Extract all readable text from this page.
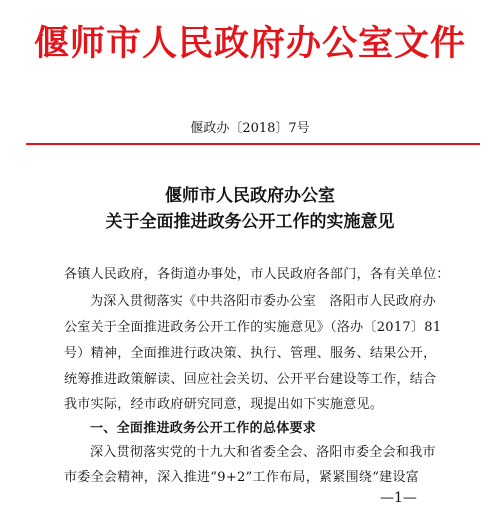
偃师市人民政府办公室文件
偃政办〔2018〕7号
偃师市人民政府办公室
关于全面推进政务公开工作的实施意见
各镇人民政府，各街道办事处，市人民政府各部门，各有关单位：
为深入贯彻落实《中共洛阳市委办公室　洛阳市人民政府办
公室关于全面推进政务公开工作的实施意见》（洛办〔2017〕81
号）精神，全面推进行政决策、执行、管理、服务、结果公开，
统筹推进政策解读、回应社会关切、公开平台建设等工作，结合
我市实际，经市政府研究同意，现提出如下实施意见。
一、全面推进政务公开工作的总体要求
深入贯彻落实党的十九大和省委全会、洛阳市委全会和我市
市委全会精神，深入推进“9+2”工作布局，紧紧围绕“建设富
—1—
